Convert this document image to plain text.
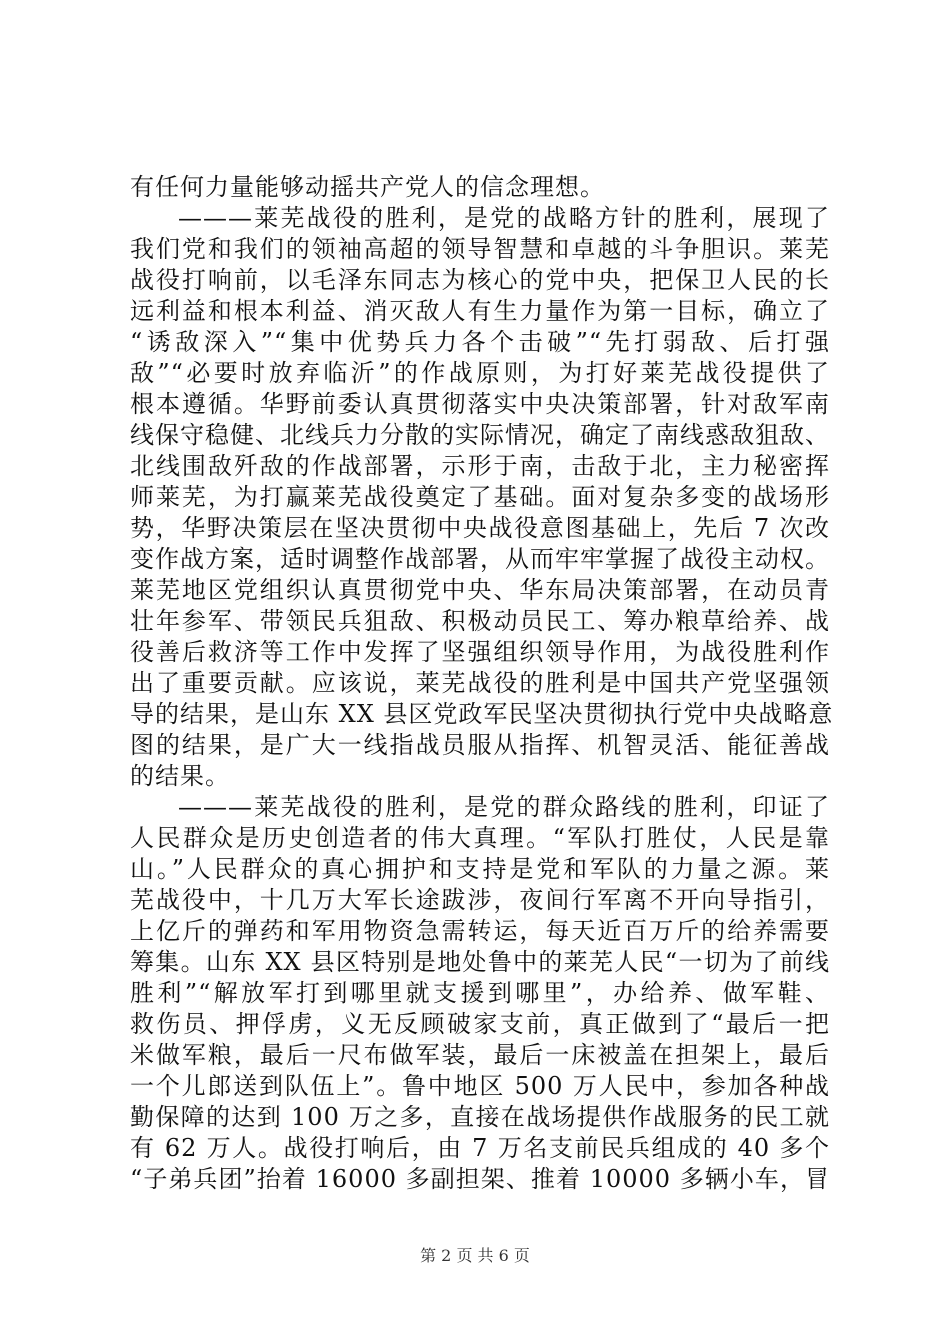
有任何力量能够动摇共产党人的信念理想。
———莱芜战役的胜利，是党的战略方针的胜利，展现了
我们党和我们的领袖高超的领导智慧和卓越的斗争胆识。莱芜
战役打响前，以毛泽东同志为核心的党中央，把保卫人民的长
远利益和根本利益、消灭敌人有生力量作为第一目标，确立了
“诱敌深入”“集中优势兵力各个击破”“先打弱敌、后打强
敌”“必要时放弃临沂”的作战原则，为打好莱芜战役提供了
根本遵循。华野前委认真贯彻落实中央决策部署，针对敌军南
线保守稳健、北线兵力分散的实际情况，确定了南线惑敌狙敌、
北线围敌歼敌的作战部署，示形于南，击敌于北，主力秘密挥
师莱芜，为打赢莱芜战役奠定了基础。面对复杂多变的战场形
势，华野决策层在坚决贯彻中央战役意图基础上，先后 7 次改
变作战方案，适时调整作战部署，从而牢牢掌握了战役主动权。
莱芜地区党组织认真贯彻党中央、华东局决策部署，在动员青
壮年参军、带领民兵狙敌、积极动员民工、筹办粮草给养、战
役善后救济等工作中发挥了坚强组织领导作用，为战役胜利作
出了重要贡献。应该说，莱芜战役的胜利是中国共产党坚强领
导的结果，是山东 XX 县区党政军民坚决贯彻执行党中央战略意
图的结果，是广大一线指战员服从指挥、机智灵活、能征善战
的结果。
———莱芜战役的胜利，是党的群众路线的胜利，印证了
人民群众是历史创造者的伟大真理。“军队打胜仗，人民是靠
山。”人民群众的真心拥护和支持是党和军队的力量之源。莱
芜战役中，十几万大军长途跋涉，夜间行军离不开向导指引，
上亿斤的弹药和军用物资急需转运，每天近百万斤的给养需要
筹集。山东 XX 县区特别是地处鲁中的莱芜人民“一切为了前线
胜利”“解放军打到哪里就支援到哪里”，办给养、做军鞋、
救伤员、押俘虏，义无反顾破家支前，真正做到了“最后一把
米做军粮，最后一尺布做军装，最后一床被盖在担架上，最后
一个儿郎送到队伍上”。鲁中地区 500 万人民中，参加各种战
勤保障的达到 100 万之多，直接在战场提供作战服务的民工就
有 62 万人。战役打响后，由 7 万名支前民兵组成的 40 多个
“子弟兵团”抬着 16000 多副担架、推着 10000 多辆小车，冒
第 2 页 共 6 页
